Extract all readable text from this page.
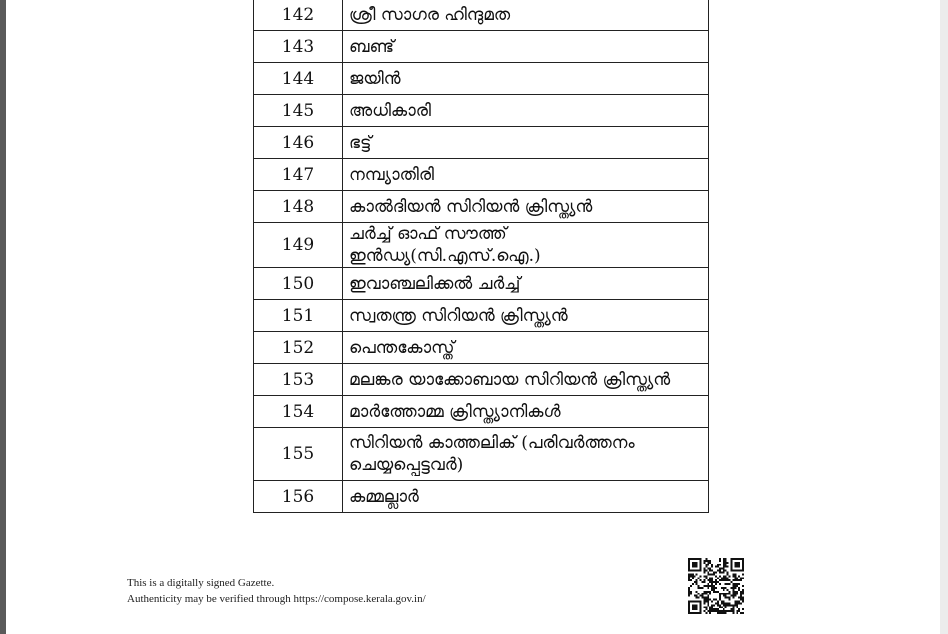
142	ശ്രീ സാഗര ഹിന്ദുമത
143	ബണ്ട്
144	ജയിൻ
145	അധികാരി
146	ഭട്ട്
147	നമ്പ്യാതിരി
148	കാൽദിയൻ സിറിയൻ ക്രിസ്ത്യൻ
149	ചർച്ച് ഓഫ് സൗത്ത് ഇൻഡ്യ(സി.എസ്.ഐ.)
150	ഇവാഞ്ചലിക്കൽ ചർച്ച്
151	സ്വതന്ത്ര സിറിയൻ ക്രിസ്ത്യൻ
152	പെന്തകോസ്ത്
153	മലങ്കര യാക്കോബായ സിറിയൻ ക്രിസ്ത്യൻ
154	മാർത്തോമ്മ ക്രിസ്ത്യാനികൾ
155	സിറിയൻ കാത്തലിക് (പരിവർത്തനം ചെയ്യപ്പെട്ടവർ)
156	കമ്മല്ലാർ
This is a digitally signed Gazette.
Authenticity may be verified through https://compose.kerala.gov.in/
